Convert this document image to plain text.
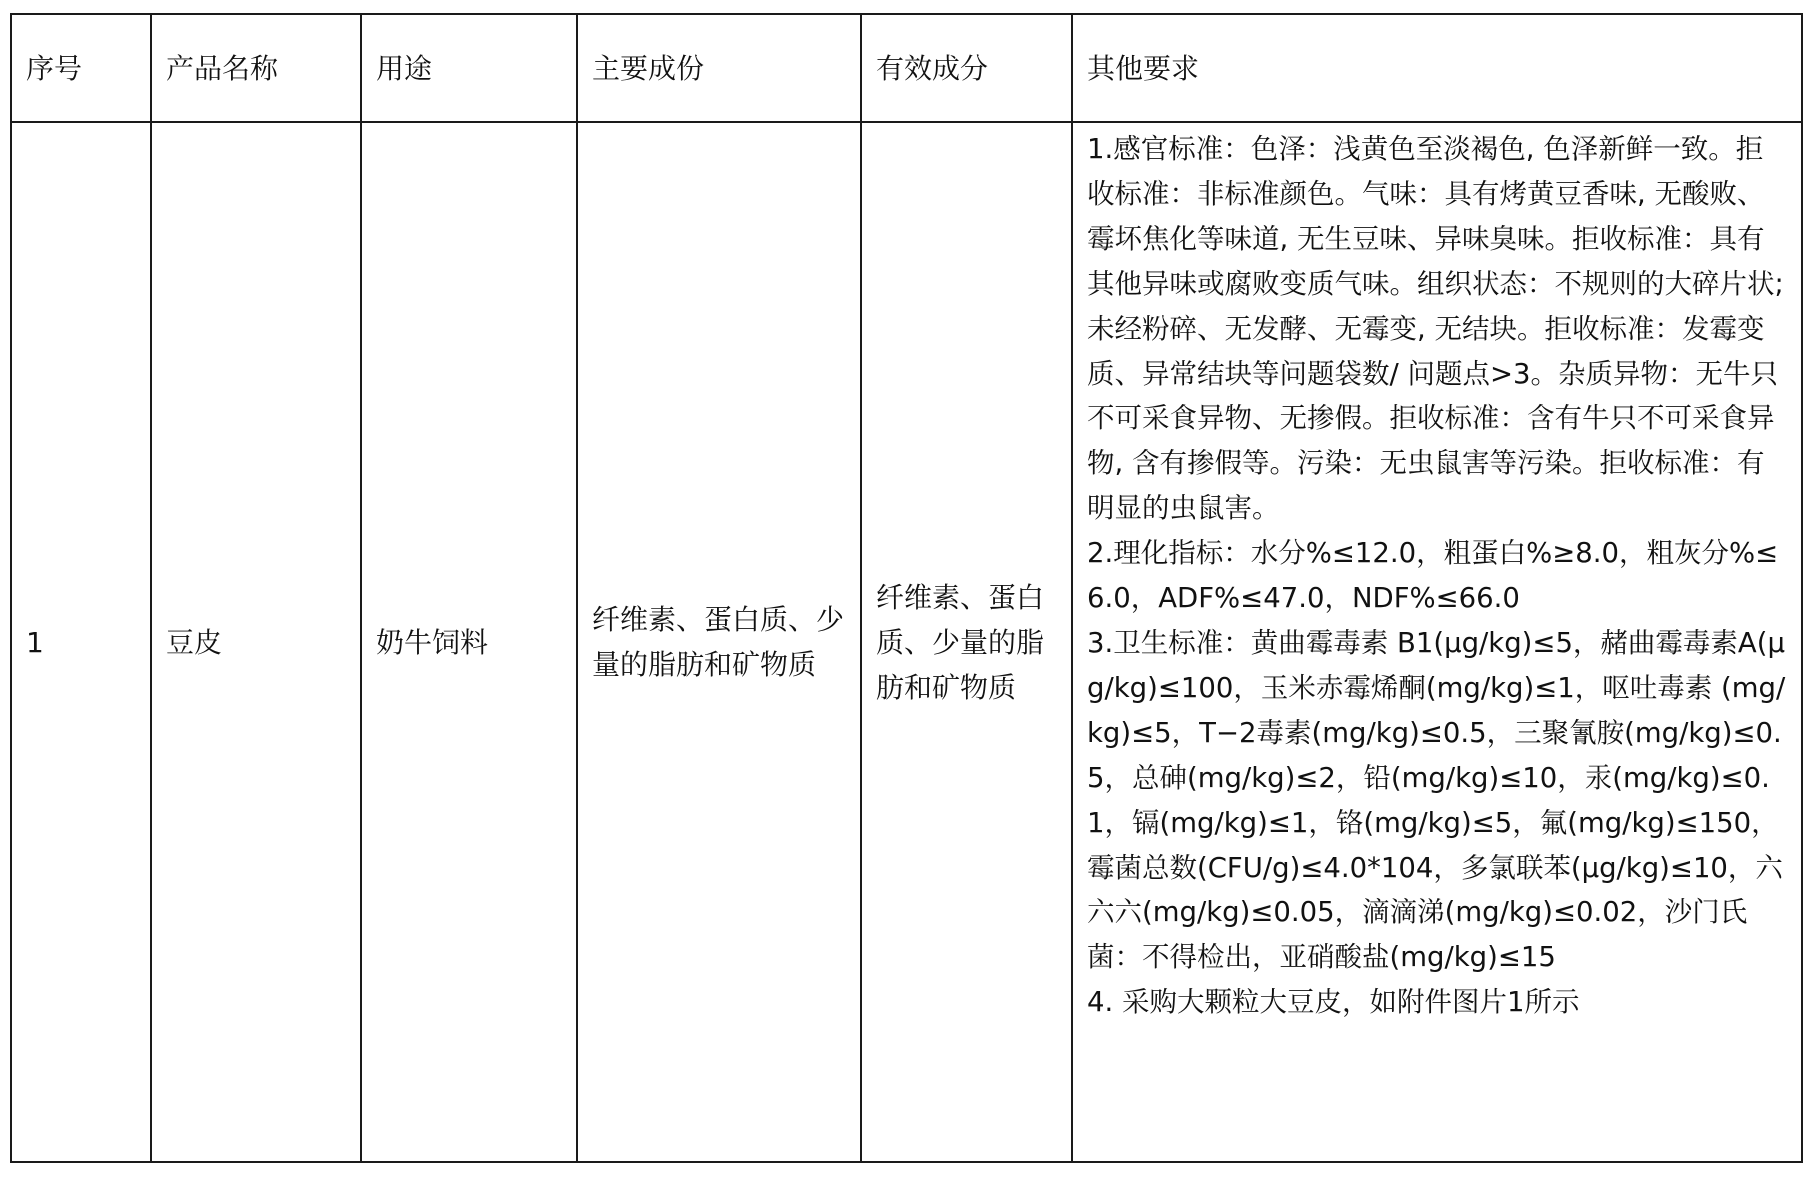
序号	产品名称	用途	主要成份	有效成分	其他要求

1	豆皮	奶牛饲料	纤维素、蛋白质、少量的脂肪和矿物质	纤维素、蛋白质、少量的脂肪和矿物质	1.感官标准：色泽：浅黄色至淡褐色, 色泽新鲜一致。拒收标准：非标准颜色。气味：具有烤黄豆香味, 无酸败、霉坏焦化等味道, 无生豆味、异味臭味。拒收标准：具有其他异味或腐败变质气味。组织状态：不规则的大碎片状; 未经粉碎、无发酵、无霉变, 无结块。拒收标准：发霉变质、异常结块等问题袋数/ 问题点>3。杂质异物：无牛只不可采食异物、无掺假。拒收标准：含有牛只不可采食异物, 含有掺假等。污染：无虫鼠害等污染。拒收标准：有明显的虫鼠害。
2.理化指标：水分%≤12.0，粗蛋白%≥8.0，粗灰分%≤6.0，ADF%≤47.0，NDF%≤66.0
3.卫生标准：黄曲霉毒素 B1(μg/kg)≤5，赭曲霉毒素A(μg/kg)≤100，玉米赤霉烯酮(mg/kg)≤1，呕吐毒素 (mg/kg)≤5，T−2毒素(mg/kg)≤0.5，三聚氰胺(mg/kg)≤0.5，总砷(mg/kg)≤2，铅(mg/kg)≤10，汞(mg/kg)≤0.1，镉(mg/kg)≤1，铬(mg/kg)≤5，氟(mg/kg)≤150，霉菌总数(CFU/g)≤4.0*104，多氯联苯(μg/kg)≤10，六六六(mg/kg)≤0.05，滴滴涕(mg/kg)≤0.02，沙门氏菌：不得检出，亚硝酸盐(mg/kg)≤15
4. 采购大颗粒大豆皮，如附件图片1所示
